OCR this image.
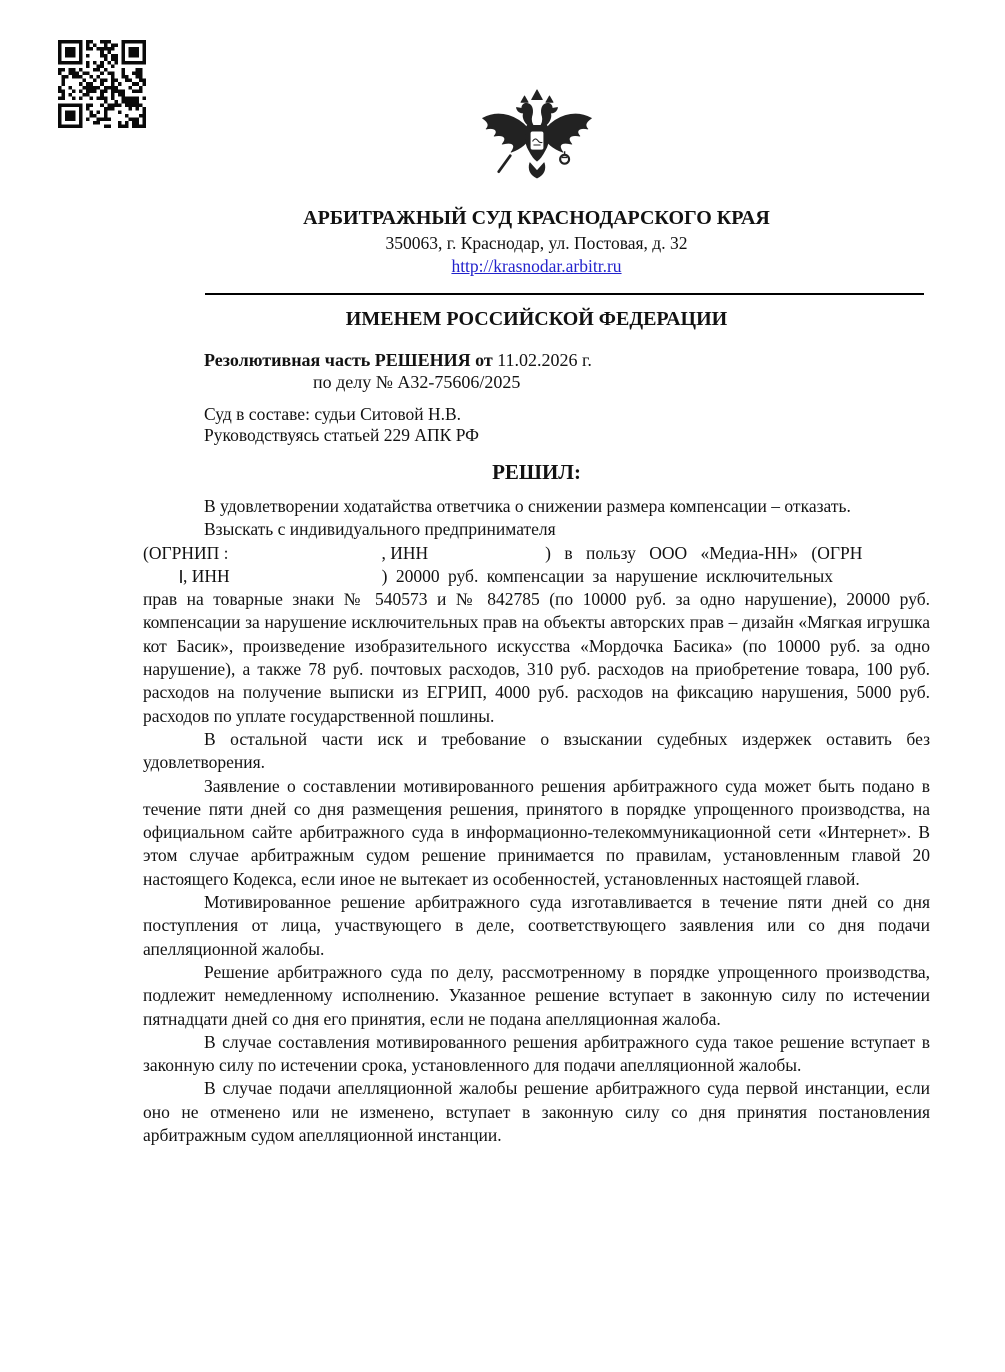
АРБИТРАЖНЫЙ СУД КРАСНОДАРСКОГО КРАЯ
350063, г. Краснодар, ул. Постовая, д. 32
http://krasnodar.arbitr.ru
ИМЕНЕМ РОССИЙСКОЙ ФЕДЕРАЦИИ
Резолютивная часть РЕШЕНИЯ от 11.02.2026 г.
по делу № А32-75606/2025
Суд в составе: судьи Ситовой Н.В.
Руководствуясь статьей 229 АПК РФ
РЕШИЛ:

В удовлетворении ходатайства ответчика о снижении размера компенсации – отказать.

Взыскать с индивидуального предпринимателя
(ОГРНИП :	, ИНН	) в пользу ООО «Медиа-НН» (ОГРН
, ИНН	) 20000 руб. компенсации за нарушение исключительных

прав на товарные знаки № 540573 и № 842785 (по 10000 руб. за одно нарушение), 20000 руб. компенсации за нарушение исключительных прав на объекты авторских прав – дизайн «Мягкая игрушка кот Басик», произведение изобразительного искусства «Мордочка Басика» (по 10000 руб. за одно нарушение), а также 78 руб. почтовых расходов, 310 руб. расходов на приобретение товара, 100 руб. расходов на получение выписки из ЕГРИП, 4000 руб. расходов на фиксацию нарушения, 5000 руб. расходов по уплате государственной пошлины.

В остальной части иск и требование о взыскании судебных издержек оставить без удовлетворения.

Заявление о составлении мотивированного решения арбитражного суда может быть подано в течение пяти дней со дня размещения решения, принятого в порядке упрощенного производства, на официальном сайте арбитражного суда в информационно-телекоммуникационной сети «Интернет». В этом случае арбитражным судом решение принимается по правилам, установленным главой 20 настоящего Кодекса, если иное не вытекает из особенностей, установленных настоящей главой.

Мотивированное решение арбитражного суда изготавливается в течение пяти дней со дня поступления от лица, участвующего в деле, соответствующего заявления или со дня подачи апелляционной жалобы.

Решение арбитражного суда по делу, рассмотренному в порядке упрощенного производства, подлежит немедленному исполнению. Указанное решение вступает в законную силу по истечении пятнадцати дней со дня его принятия, если не подана апелляционная жалоба.

В случае составления мотивированного решения арбитражного суда такое решение вступает в законную силу по истечении срока, установленного для подачи апелляционной жалобы.

В случае подачи апелляционной жалобы решение арбитражного суда первой инстанции, если оно не отменено или не изменено, вступает в законную силу со дня принятия постановления арбитражным судом апелляционной инстанции.
